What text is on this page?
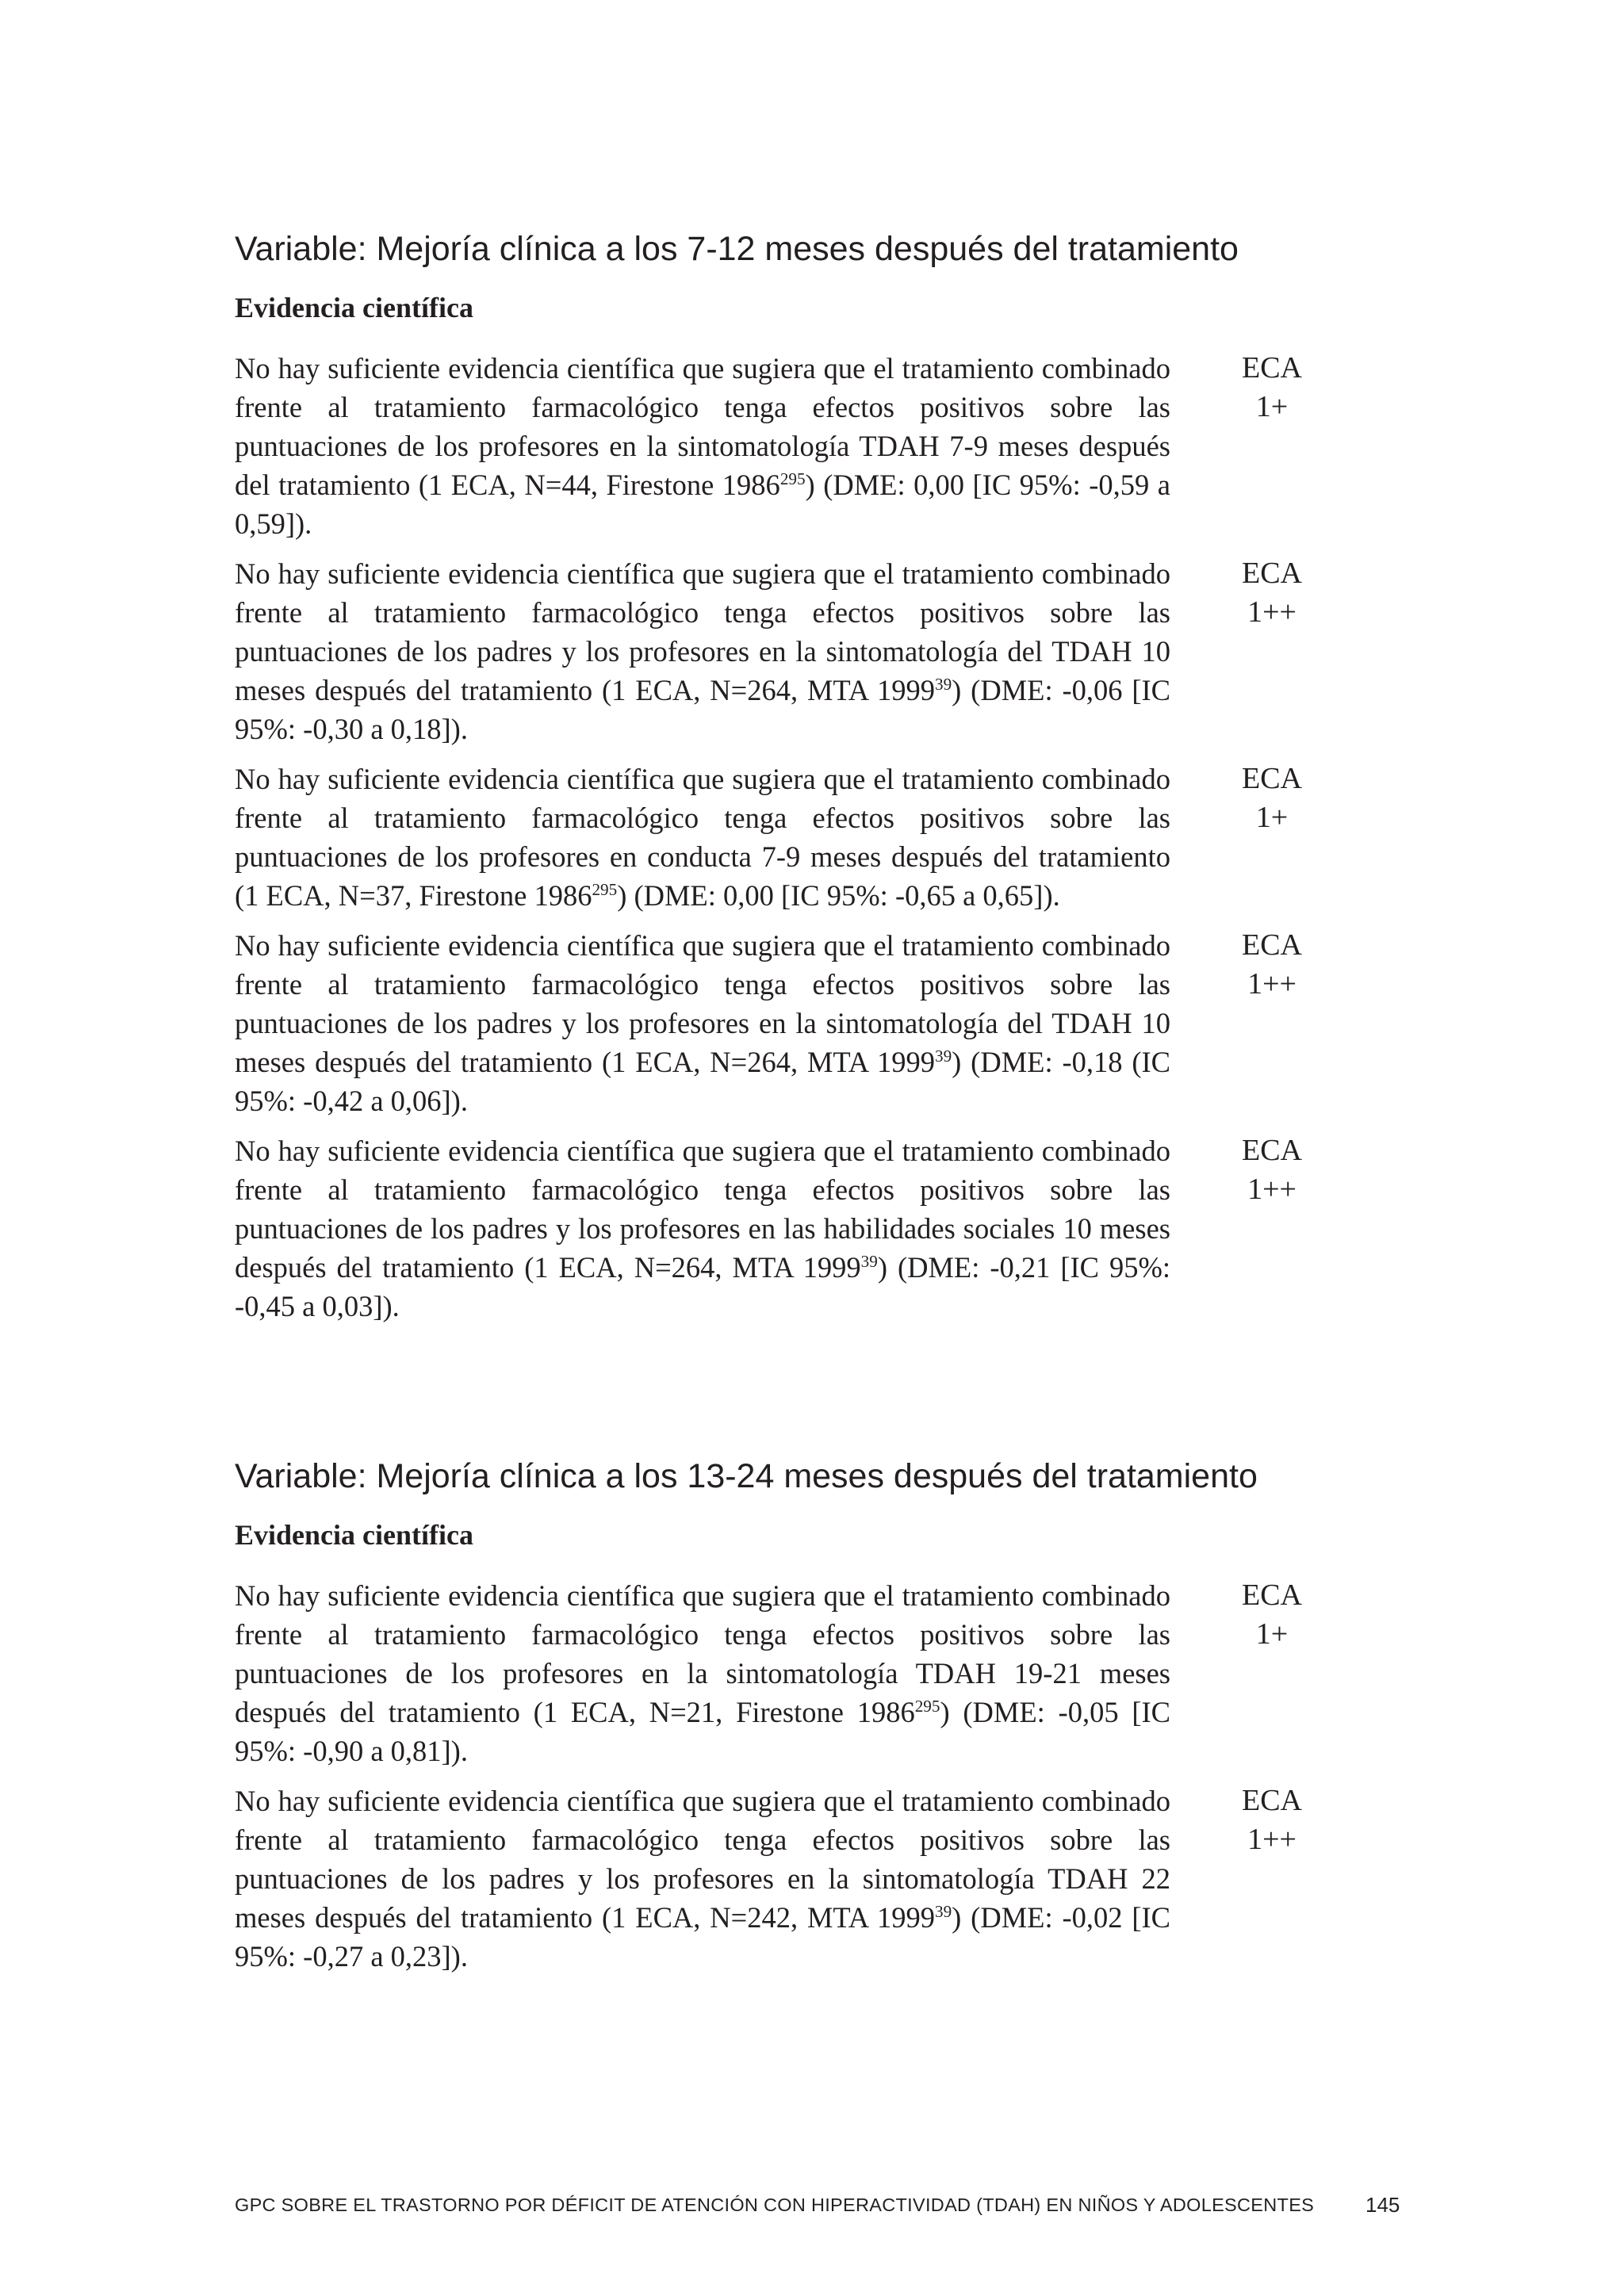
Variable: Mejoría clínica a los 7-12 meses después del tratamiento
Evidencia científica

No hay suficiente evidencia científica que sugiera que el tratamiento combinado frente al tratamiento farmacológico tenga efectos positivos sobre las puntuaciones de los profesores en la sintomatología TDAH 7-9 meses después del tratamiento (1 ECA, N=44, Firestone 1986$^{295}$) (DME: 0,00 [IC 95%: -0,59 a 0,59]).

ECA
1+

No hay suficiente evidencia científica que sugiera que el tratamiento combinado frente al tratamiento farmacológico tenga efectos positivos sobre las puntuaciones de los padres y los profesores en la sintomatología del TDAH 10 meses después del tratamiento (1 ECA, N=264, MTA 1999$^{39}$) (DME: -0,06 [IC 95%: -0,30 a 0,18]).

ECA
1++

No hay suficiente evidencia científica que sugiera que el tratamiento combinado frente al tratamiento farmacológico tenga efectos positivos sobre las puntuaciones de los profesores en conducta 7-9 meses después del tratamiento (1 ECA, N=37, Firestone 1986$^{295}$) (DME: 0,00 [IC 95%: -0,65 a 0,65]).

ECA
1+

No hay suficiente evidencia científica que sugiera que el tratamiento combinado frente al tratamiento farmacológico tenga efectos positivos sobre las puntuaciones de los padres y los profesores en la sintomatología del TDAH 10 meses después del tratamiento (1 ECA, N=264, MTA 1999$^{39}$) (DME: -0,18 (IC 95%: -0,42 a 0,06]).

ECA
1++

No hay suficiente evidencia científica que sugiera que el tratamiento combinado frente al tratamiento farmacológico tenga efectos positivos sobre las puntuaciones de los padres y los profesores en las habilidades sociales 10 meses después del tratamiento (1 ECA, N=264, MTA 1999$^{39}$) (DME: -0,21 [IC 95%: -0,45 a 0,03]).

ECA
1++
Variable: Mejoría clínica a los 13-24 meses después del tratamiento
Evidencia científica

No hay suficiente evidencia científica que sugiera que el tratamiento combinado frente al tratamiento farmacológico tenga efectos positivos sobre las puntuaciones de los profesores en la sintomatología TDAH 19-21 meses después del tratamiento (1 ECA, N=21, Firestone 1986$^{295}$) (DME: -0,05 [IC 95%: -0,90 a 0,81]).

ECA
1+

No hay suficiente evidencia científica que sugiera que el tratamiento combinado frente al tratamiento farmacológico tenga efectos positivos sobre las puntuaciones de los padres y los profesores en la sintomatología TDAH 22 meses después del tratamiento (1 ECA, N=242, MTA 1999$^{39}$) (DME: -0,02 [IC 95%: -0,27 a 0,23]).

ECA
1++
GPC SOBRE EL TRASTORNO POR DÉFICIT DE ATENCIÓN CON HIPERACTIVIDAD (TDAH) EN NIÑOS Y ADOLESCENTES 145
